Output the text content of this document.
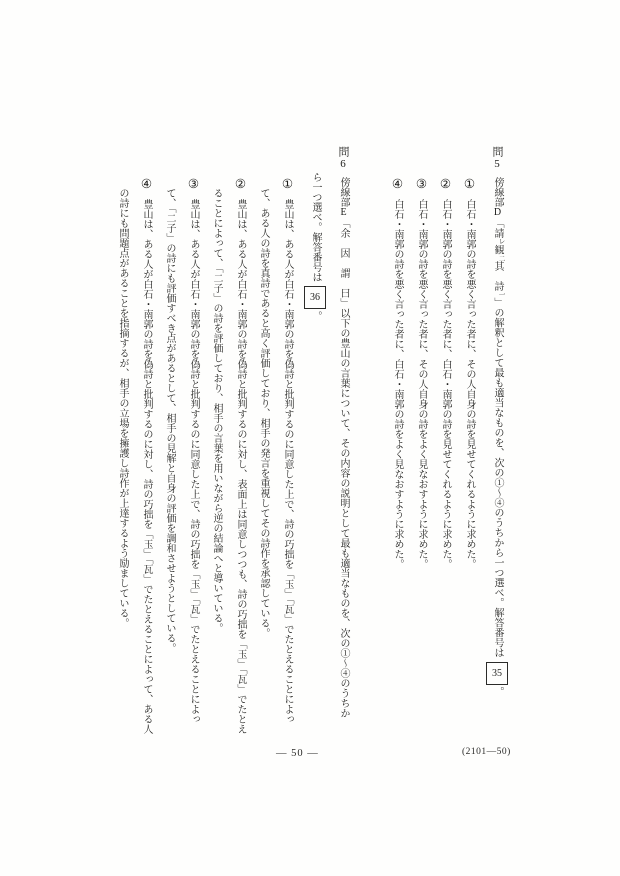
問5傍線部D「請レ観二其　詩一」の解釈として最も適当なものを、次の①〜④のうちから一つ選べ。解答番号は35。
①白石・南郭の詩を悪く言った者に、その人自身の詩を見せてくれるように求めた。
②白石・南郭の詩を悪く言った者に、白石・南郭の詩を見せてくれるように求めた。
③白石・南郭の詩を悪く言った者に、その人自身の詩をよく見なおすように求めた。
④白石・南郭の詩を悪く言った者に、白石・南郭の詩をよく見なおすように求めた。
問6傍線部E「余　因　謂　曰」以下の豊山の言葉について、その内容の説明として最も適当なものを、次の①〜④のうちか
ら一つ選べ。解答番号は36。
①豊山は、ある人が白石・南郭の詩を偽詩と批判するのに同意した上で、詩の巧拙を「玉」「瓦」でたとえることによっ
て、ある人の詩を真詩であると高く評価しており、相手の発言を重視してその詩作を承認している。
②豊山は、ある人が白石・南郭の詩を偽詩と批判するのに対し、表面上は同意しつつも、詩の巧拙を「玉」「瓦」でたとえ
ることによって、「二子」の詩を評価しており、相手の言葉を用いながら逆の結論へと導いている。
③豊山は、ある人が白石・南郭の詩を偽詩と批判するのに同意した上で、詩の巧拙を「玉」「瓦」でたとえることによっ
て、「二子」の詩にも評価すべき点があるとして、相手の見解と自身の評価を調和させようとしている。
④豊山は、ある人が白石・南郭の詩を偽詩と批判するのに対し、詩の巧拙を「玉」「瓦」でたとえることによって、ある人
の詩にも問題点があることを指摘するが、相手の立場を擁護し詩作が上達するよう励ましている。
— 50 —	(2101—50)
